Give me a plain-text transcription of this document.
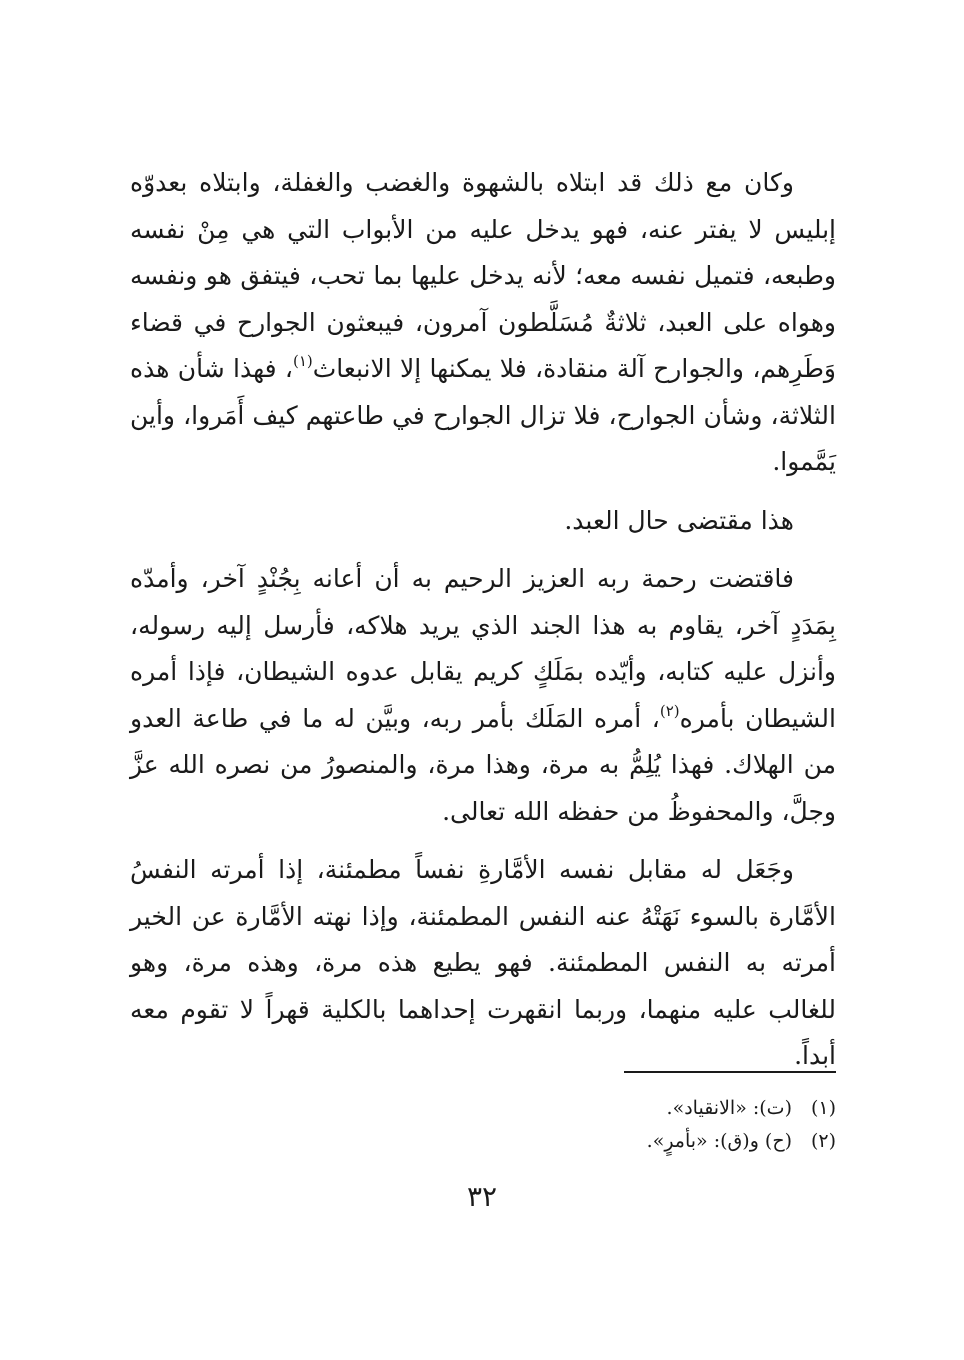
وكان مع ذلك قد ابتلاه بالشهوة والغضب والغفلة، وابتلاه بعدوّه إبليس لا يفتر عنه، فهو يدخل عليه من الأبواب التي هي مِنْ نفسه وطبعه، فتميل نفسه معه؛ لأنه يدخل عليها بما تحب، فيتفق هو ونفسه وهواه على العبد، ثلاثةٌ مُسَلَّطون آمرون، فيبعثون الجوارح في قضاء وَطَرِهم، والجوارح آلة منقادة، فلا يمكنها إلا الانبعاث$^{(١)}$، فهذا شأن هذه الثلاثة، وشأن الجوارح، فلا تزال الجوارح في طاعتهم كيف أَمَروا، وأين يَمَّموا.

هذا مقتضى حال العبد.

فاقتضت رحمة ربه العزيز الرحيم به أن أعانه بِجُنْدٍ آخر، وأمدّه بِمَدَدٍ آخر، يقاوم به هذا الجند الذي يريد هلاكه، فأرسل إليه رسوله، وأنزل عليه كتابه، وأيّده بمَلَكٍ كريم يقابل عدوه الشيطان، فإذا أمره الشيطان بأمره$^{(٢)}$، أمره المَلَك بأمر ربه، وبيَّن له ما في طاعة العدو من الهلاك. فهذا يُلِمُّ به مرة، وهذا مرة، والمنصورُ من نصره الله عزَّ وجلَّ، والمحفوظُ من حفظه الله تعالى.

وجَعَل له مقابل نفسه الأمَّارةِ نفساً مطمئنة، إذا أمرته النفسُ الأمَّارة بالسوء نَهَتْهُ عنه النفس المطمئنة، وإذا نهته الأمَّارة عن الخير أمرته به النفس المطمئنة. فهو يطيع هذه مرة، وهذه مرة، وهو للغالب عليه منهما، وربما انقهرت إحداهما بالكلية قهراً لا تقوم معه أبداً.

(١)(ت): «الانقياد».
(٢)(ح) و(ق): «بأمرٍ».
٣٢
